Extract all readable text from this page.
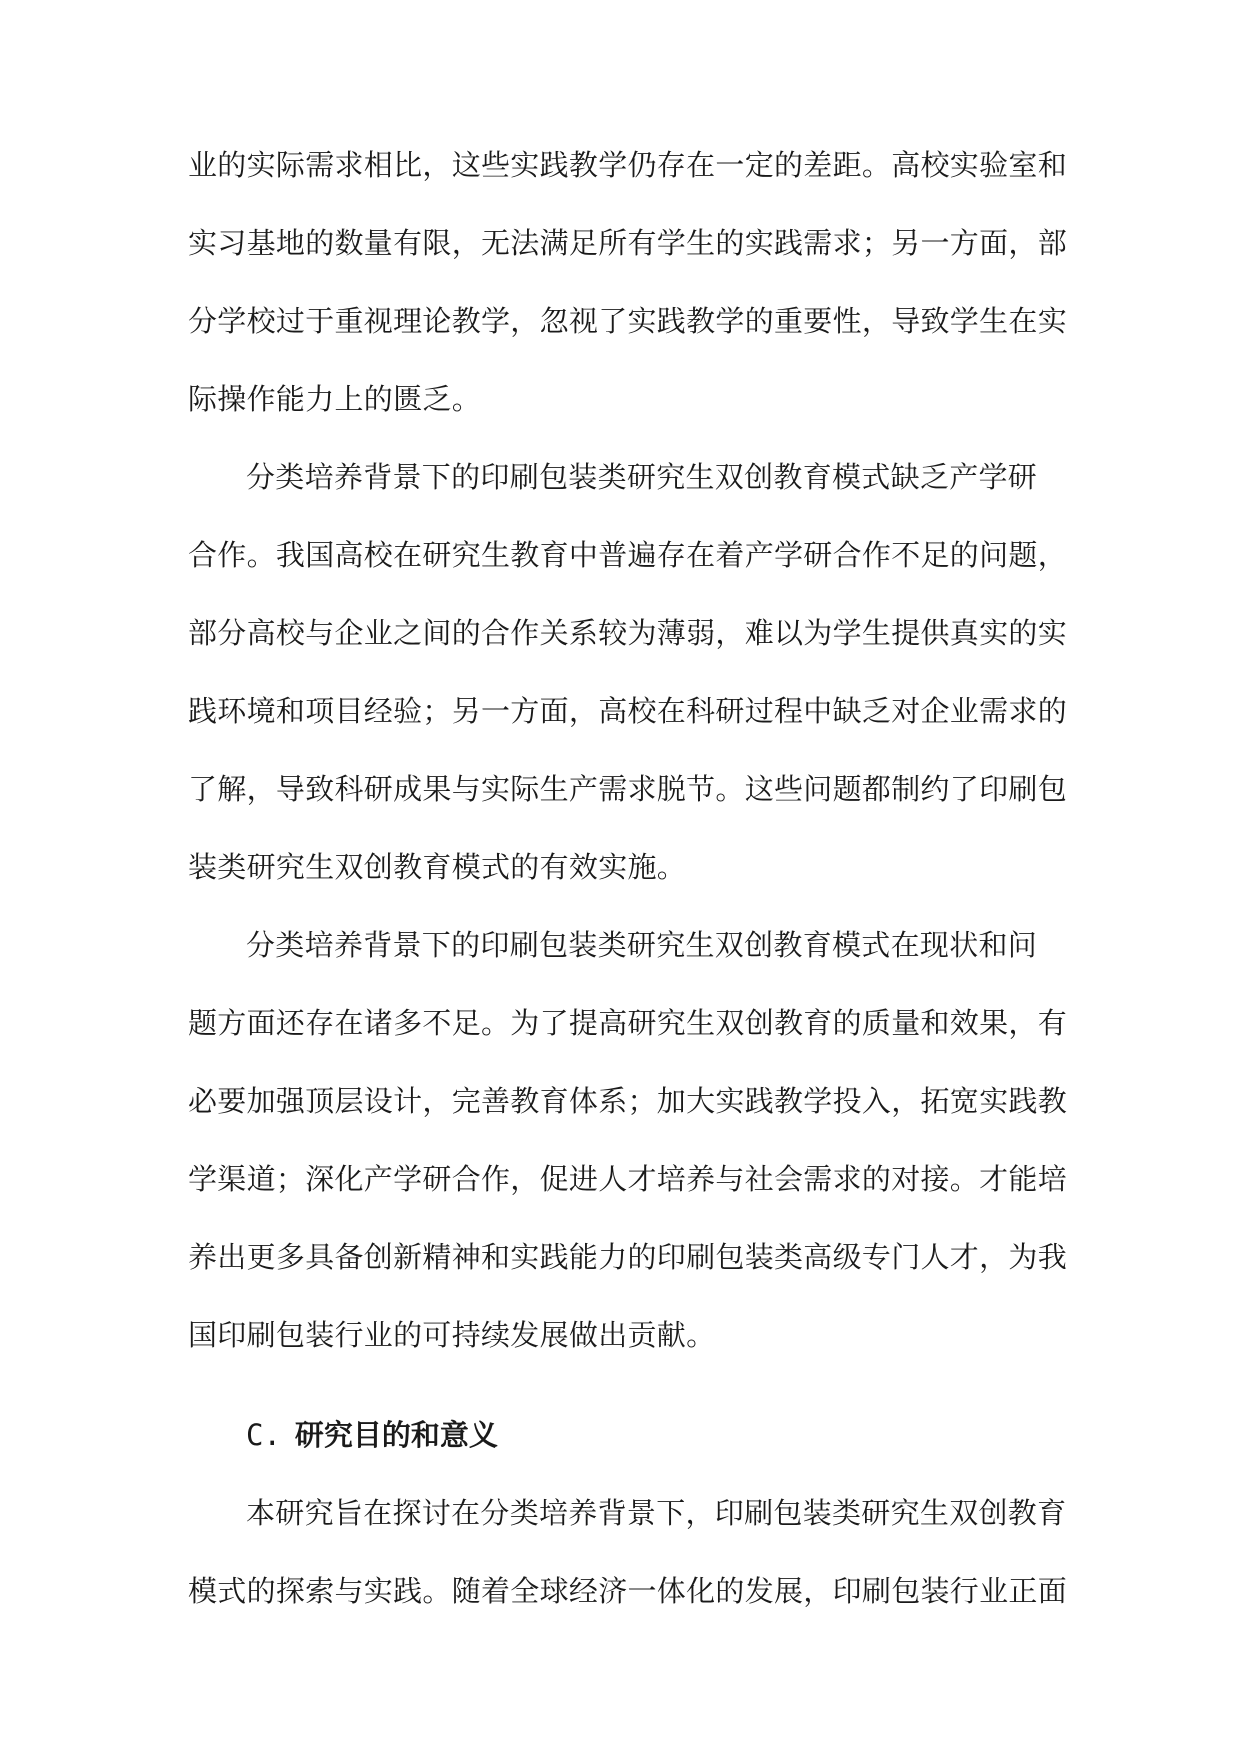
业的实际需求相比，这些实践教学仍存在一定的差距。高校实验室和
实习基地的数量有限，无法满足所有学生的实践需求；另一方面，部
分学校过于重视理论教学，忽视了实践教学的重要性，导致学生在实
际操作能力上的匮乏。
分类培养背景下的印刷包装类研究生双创教育模式缺乏产学研
合作。我国高校在研究生教育中普遍存在着产学研合作不足的问题，
部分高校与企业之间的合作关系较为薄弱，难以为学生提供真实的实
践环境和项目经验；另一方面，高校在科研过程中缺乏对企业需求的
了解，导致科研成果与实际生产需求脱节。这些问题都制约了印刷包
装类研究生双创教育模式的有效实施。
分类培养背景下的印刷包装类研究生双创教育模式在现状和问
题方面还存在诸多不足。为了提高研究生双创教育的质量和效果，有
必要加强顶层设计，完善教育体系；加大实践教学投入，拓宽实践教
学渠道；深化产学研合作，促进人才培养与社会需求的对接。才能培
养出更多具备创新精神和实践能力的印刷包装类高级专门人才，为我
国印刷包装行业的可持续发展做出贡献。
C. 研究目的和意义
本研究旨在探讨在分类培养背景下，印刷包装类研究生双创教育
模式的探索与实践。随着全球经济一体化的发展，印刷包装行业正面
